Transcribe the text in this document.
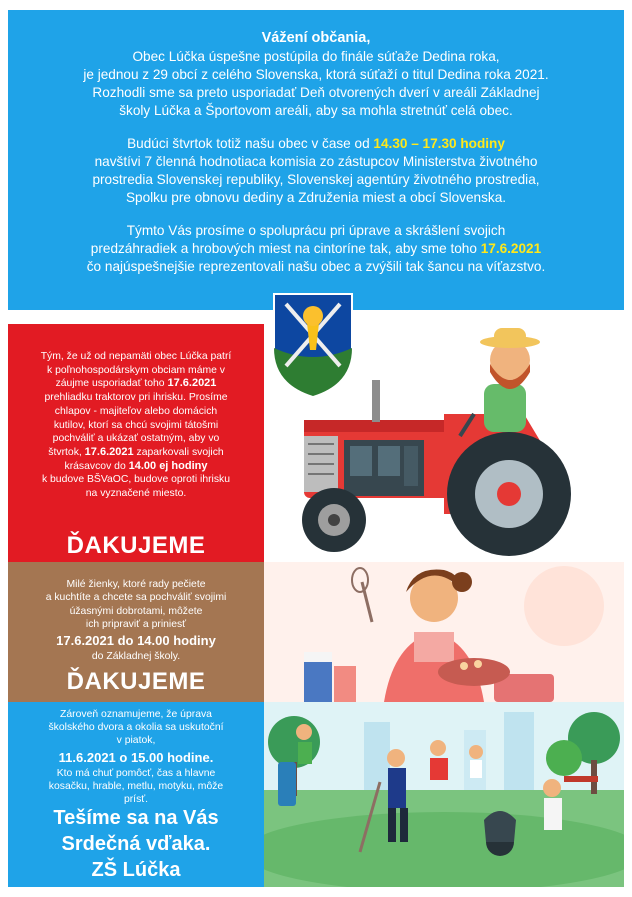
Vážení občania,
Obec Lúčka úspešne postúpila do finále súťaže Dedina roka,
je jednou z 29 obcí z celého Slovenska, ktorá súťaží o titul Dedina roka 2021.
Rozhodli sme sa preto usporiadať Deň otvorených dverí v areáli Základnej
školy Lúčka a Športovom areáli, aby sa mohla stretnúť celá obec.
Budúci štvrtok totiž našu obec v čase od 14.30 – 17.30 hodiny
navštívi 7 členná hodnotiaca komisia zo zástupcov Ministerstva životného
prostredia Slovenskej republiky, Slovenskej agentúry životného prostredia,
Spolku pre obnovu dediny a Združenia miest a obcí Slovenska.
Týmto Vás prosíme o spoluprácu pri úprave a skrášlení svojich
predzáhradiek a hrobových miest na cintoríne tak, aby sme toho 17.6.2021
čo najúspešnejšie reprezentovali našu obec a zvýšili tak šancu na víťazstvo.
Tým, že už od nepamäti obec Lúčka patrí
k poľnohospodárskym obciam máme v
záujme usporiadať toho 17.6.2021
prehliadku traktorov pri ihrisku. Prosíme
chlapov - majiteľov alebo domácich
kutilov, ktorí sa chcú svojimi tátošmi
pochváliť a ukázať ostatným, aby vo
štvrtok, 17.6.2021 zaparkovali svojich
krásavcov do 14.00 ej hodiny
k budove BŠVaOC, budove oproti ihrisku
na vyznačené miesto.
ĎAKUJEME
Milé žienky, ktoré rady pečiete
a kuchtíte a chcete sa pochváliť svojimi
úžasnými dobrotami, môžete
ich pripraviť a priniesť
17.6.2021 do 14.00 hodiny
do Základnej školy.
ĎAKUJEME
Zároveň oznamujeme, že úprava
školského dvora a okolia sa uskutoční
v piatok,
11.6.2021 o 15.00 hodine.
Kto má chuť pomôcť, čas a hlavne
kosačku, hrable, metlu, motyku, môže
prísť.
Tešíme sa na Vás
Srdečná vďaka.
ZŠ Lúčka
